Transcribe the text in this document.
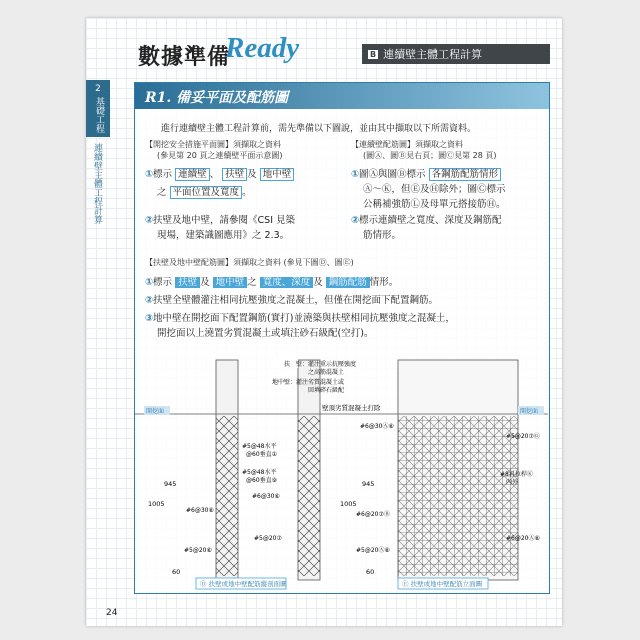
2
基礎工程
連續壁主體工程計算
數據準備
Ready	B 連續壁主體工程計算
R1. 備妥平面及配筋圖
進行連續壁主體工程計算前，需先準備以下圖說，並由其中擷取以下所需資料。
【開挖安全措施平面圖】須擷取之資料
(參見第 20 頁之連續壁平面示意圖)
【連續壁配筋圖】須擷取之資料
(圖Ⓐ、圖Ⓑ見右頁；圖Ⓒ見第 28 頁)
①標示 連續壁 、 扶壁 及 地中壁
之 平面位置及寬度 。
②扶壁及地中壁，請參閱《CSI 見築
現場，建築識圖應用》之 2.3。
①圖Ⓐ與圖Ⓑ標示 各鋼筋配筋情形
Ⓐ～Ⓚ，但Ⓔ及Ⓗ除外；圖Ⓒ標示
公稱補強筋Ⓛ及母單元搭接筋Ⓗ。
②標示連續壁之寬度、深度及鋼筋配
筋情形。
【扶壁及地中壁配筋圖】須擷取之資料 (參見下圖Ⓓ、圖Ⓔ)
①標示 扶壁 及 地中壁 之 寬度、深度 及 鋼筋配筋 情形。
②扶壁全壁體灌注相同抗壓強度之混凝土，但僅在開挖面下配置鋼筋。
③地中壁在開挖面下配置鋼筋(實打)並澆築與扶壁相同抗壓強度之混凝土，
開挖面以上澆置劣質混凝土或填注砂石級配(空打)。
扶　壁：灌注重示抗壓強度
之高筋混凝土
地中壁：灌注劣質混凝土或
回填碎石級配
壁頂劣質混凝土打除
開挖面	開挖面
945
1005
60
#5@48水平
@60垂直①
#5@48水平
@60垂直⑨
#6@30⑥
#6@30⑧
#5@20⑦
#5@20⑥
#6@30Ⓐ⑧
#6@20⑦Ⓑ
#5@20Ⓐ⑧
945
1005
60
#5@20⑦Ⓖ
#8斜拉桿Ⓚ
內外
#6@20Ⓐ⑧
Ⓓ 扶壁或地中壁配筋縱剖面圖	Ⓔ 扶壁或地中壁配筋立面圖
24
